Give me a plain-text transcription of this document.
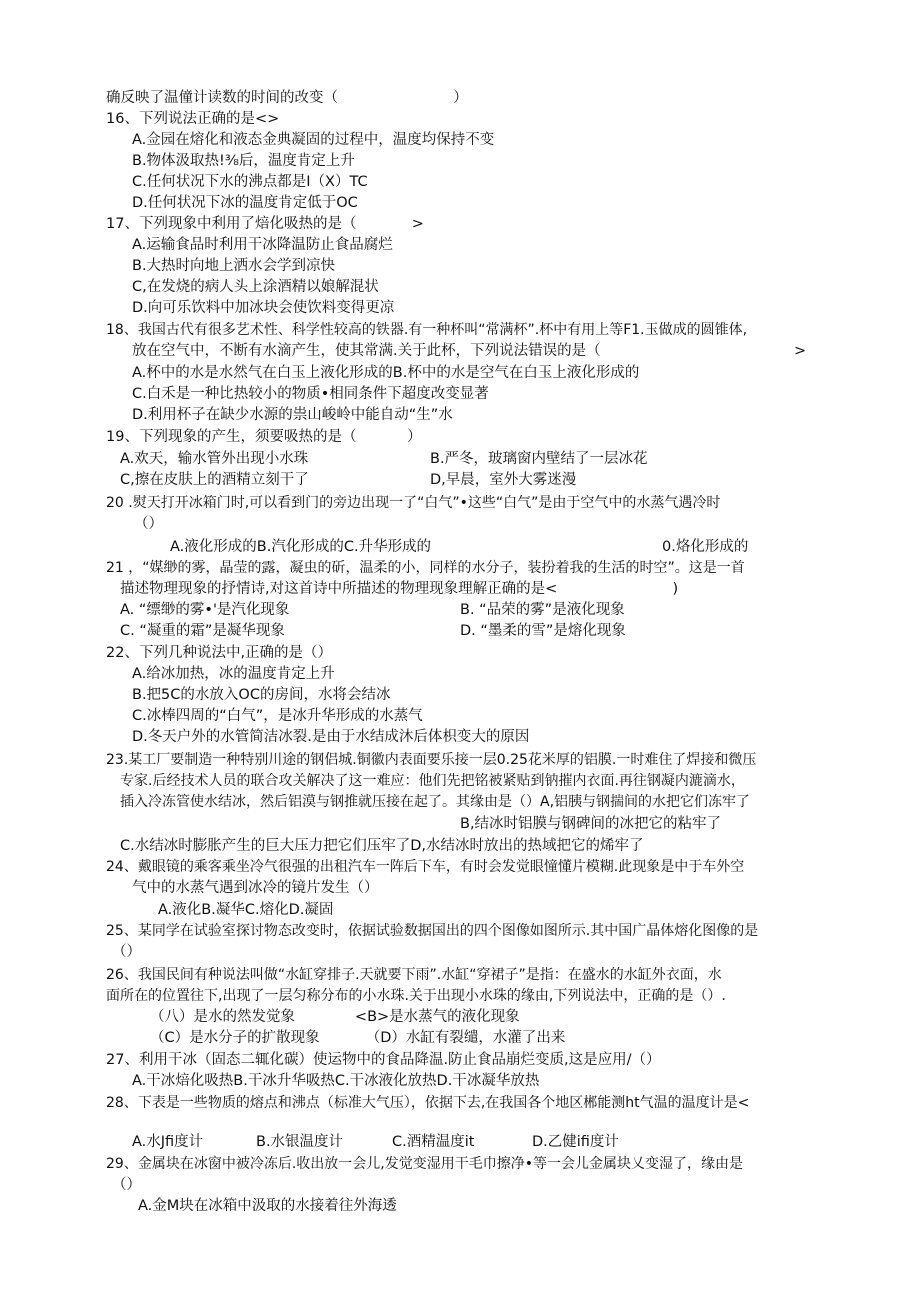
确反映了温僮计读数的时间的改变（                         ）
16、下列说法正确的是<>
A.佥园在熔化和液态金典凝固的过程中，温度均保持不变
B.物体汲取热!⅜后，温度肯定上升
C.任何状况下水的沸点都是I（X）TC
D.任何状况下冰的温度肯定低于OC
17、下列现象中利用了焙化吸热的是（            >
A.运输食品时利用干冰降温防止食品腐烂
B.大热时向地上洒水会学到凉快
C,在发烧的病人头上涂酒精以娘解混状
D.向可乐饮料中加冰块会使饮料变得更凉
18、我国古代有很多艺术性、科学性较高的铁器.有一种杯叫“常满杯”.杯中有用上等F1.玉做成的圆锥体,
放在空气中，不断有水滴产生，使其常满.关于此杯，下列说法错误的是（	>
A.杯中的水是水然气在白玉上液化形成的B.杯中的水是空气在白玉上液化形成的
C.白禾是一种比热较小的物质•相同条件下超度改变显著
D.利用杯子在缺少水源的祟山峻岭中能自动“生”水
19、下列现象的产生，须要吸热的是（           ）
A.欢天，输水管外出现小水珠	B.严冬，玻璃窗内壁结了一层冰花
C,擦在皮肤上的酒精立刻干了	D,早晨，室外大雾迷漫
20 .熨天打开冰箱门时,可以看到门的旁边出现一了“白气”•这些“白气”是由于空气中的水蒸气遇冷时
（）
A.液化形成的B.汽化形成的C.升华形成的	0.烙化形成的
21 ，“媒缈的雾，晶莹的露，凝虫的斫，温柔的小，同样的水分子，装扮着我的生活的时空”。这是一首
描述物理现象的抒情诗,对这首诗中所描述的物理现象理解正确的是<                         )
A. “缥缈的雾•'是汽化现象	B. “品荣的雾”是液化现象
C. “凝重的霜”是凝华现象	D. “墨柔的雪”是熔化现象
22、下列几种说法中,正确的是（）
A.给冰加热，冰的温度肯定上升
B.把5C的水放入OC的房间，水将会结冰
C.冰棒四周的“白气”，是冰升华形成的水蒸气
D.冬天户外的水管简洁冰裂.是由于水结成沐后体枳变大的原因
23.某工厂要制造一种特别川途的钢侣城.铜徽内表面要乐接一层0.25花米厚的铝膜.一时难住了焊接和微压
专家.后经技术人员的联合攻关解决了这一难应：他们先把铭被紧贴到钠摧内衣面.再往钢凝内漉滴水，
插入冷冻管使水结冰，然后铝漠与钢推就压接在起了。其缘由是（）A,铝胰与钢揣间的水把它们冻牢了
B,结冰时铝膜与钢碑间的冰把它的粘牢了
C.水结冰时膨胀产生的巨大压力把它们压牢了D,水结冰时放出的热域把它的烯牢了
24、戴眼镜的乘客乘坐冷气很强的出租汽车一阵后下车，有时会发觉眼憧懂片模糊.此现象是中于车外空
气中的水蒸气遇到冰冷的镜片发生（）
A.液化B.凝华C.熔化D.凝固
25、某同学在试验室探讨物态改变时，依据试验数据国出的四个图像如图所示.其中国广晶体熔化图像的是
（）
26、我国民间有种说法叫做“水缸穿排子.天就要下雨”.水缸“穿裙子”是指：在盛水的水缸外衣面，水
面所在的位置往下,出现了一层匀称分布的小水珠.关于出现小水珠的缘由,下列说法中，正确的是（）.
（八）是水的然发觉象             <B>是水蒸气的液化现象
（C）是水分子的扩散现象          （D）水缸有裂缱，水灌了出来
27、利用干冰（固态二辄化碳）使运物中的食品降温.防止食品崩烂变质,这是应用/（）
A.干冰焙化吸热B.干冰升华吸热C.干冰液化放热D.干冰凝华放热
28、下表是一些物质的熔点和沸点（标准大气压），依据下去,在我国各个地区郴能测ht气温的温度计是<
A.水Jfi度计	B.水银温度计	C.酒精温度it	D.乙健ifi度计
29、金属块在冰窗中被冷冻后.收出放一会儿,发觉变湿用干毛巾擦净•等一会儿金属块乂变湿了，缘由是
（）
A.金M块在冰箱中汲取的水接着往外海透
